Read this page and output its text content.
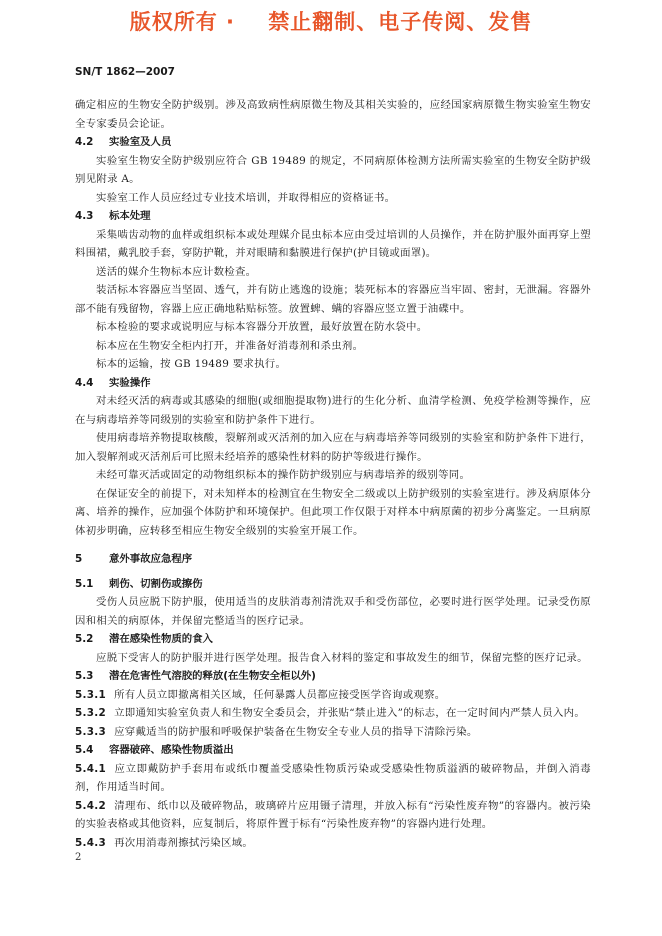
版权所有 ·    禁止翻制、电子传阅、发售
SN/T 1862—2007

确定相应的生物安全防护级别。涉及高致病性病原微生物及其相关实验的，应经国家病原微生物实验室生物安全专家委员会论证。

4.2 实验室及人员

实验室生物安全防护级别应符合 GB 19489 的规定，不同病原体检测方法所需实验室的生物安全防护级别见附录 A。

实验室工作人员应经过专业技术培训，并取得相应的资格证书。

4.3 标本处理

采集啮齿动物的血样或组织标本或处理媒介昆虫标本应由受过培训的人员操作，并在防护服外面再穿上塑料围裙，戴乳胶手套，穿防护靴，并对眼睛和黏膜进行保护(护目镜或面罩)。

送活的媒介生物标本应计数检查。

装活标本容器应当坚固、透气，并有防止逃逸的设施；装死标本的容器应当牢固、密封，无泄漏。容器外部不能有残留物，容器上应正确地粘贴标签。放置蜱、螨的容器应竖立置于油碟中。

标本检验的要求或说明应与标本容器分开放置，最好放置在防水袋中。

标本应在生物安全柜内打开，并准备好消毒剂和杀虫剂。

标本的运输，按 GB 19489 要求执行。

4.4 实验操作

对未经灭活的病毒或其感染的细胞(或细胞提取物)进行的生化分析、血清学检测、免疫学检测等操作，应在与病毒培养等同级别的实验室和防护条件下进行。

使用病毒培养物提取核酸，裂解剂或灭活剂的加入应在与病毒培养等同级别的实验室和防护条件下进行，加入裂解剂或灭活剂后可比照未经培养的感染性材料的防护等级进行操作。

未经可靠灭活或固定的动物组织标本的操作防护级别应与病毒培养的级别等同。

在保证安全的前提下，对未知样本的检测宜在生物安全二级或以上防护级别的实验室进行。涉及病原体分离、培养的操作，应加强个体防护和环境保护。但此项工作仅限于对样本中病原菌的初步分离鉴定。一旦病原体初步明确，应转移至相应生物安全级别的实验室开展工作。

5	意外事故应急程序

5.1 刺伤、切割伤或擦伤

受伤人员应脱下防护服，使用适当的皮肤消毒剂清洗双手和受伤部位，必要时进行医学处理。记录受伤原因和相关的病原体，并保留完整适当的医疗记录。

5.2 潜在感染性物质的食入

应脱下受害人的防护服并进行医学处理。报告食入材料的鉴定和事故发生的细节，保留完整的医疗记录。

5.3 潜在危害性气溶胶的释放(在生物安全柜以外)

5.3.1 所有人员立即撤离相关区域，任何暴露人员都应接受医学咨询或观察。

5.3.2 立即通知实验室负责人和生物安全委员会，并张贴“禁止进入”的标志，在一定时间内严禁人员入内。

5.3.3 应穿戴适当的防护服和呼吸保护装备在生物安全专业人员的指导下清除污染。

5.4 容器破碎、感染性物质溢出

5.4.1 应立即戴防护手套用布或纸巾覆盖受感染性物质污染或受感染性物质溢洒的破碎物品，并倒入消毒剂，作用适当时间。

5.4.2 清理布、纸巾以及破碎物品，玻璃碎片应用镊子清理，并放入标有“污染性废弃物”的容器内。被污染的实验表格或其他资料，应复制后，将原件置于标有“污染性废弃物”的容器内进行处理。

5.4.3 再次用消毒剂擦拭污染区域。

2
